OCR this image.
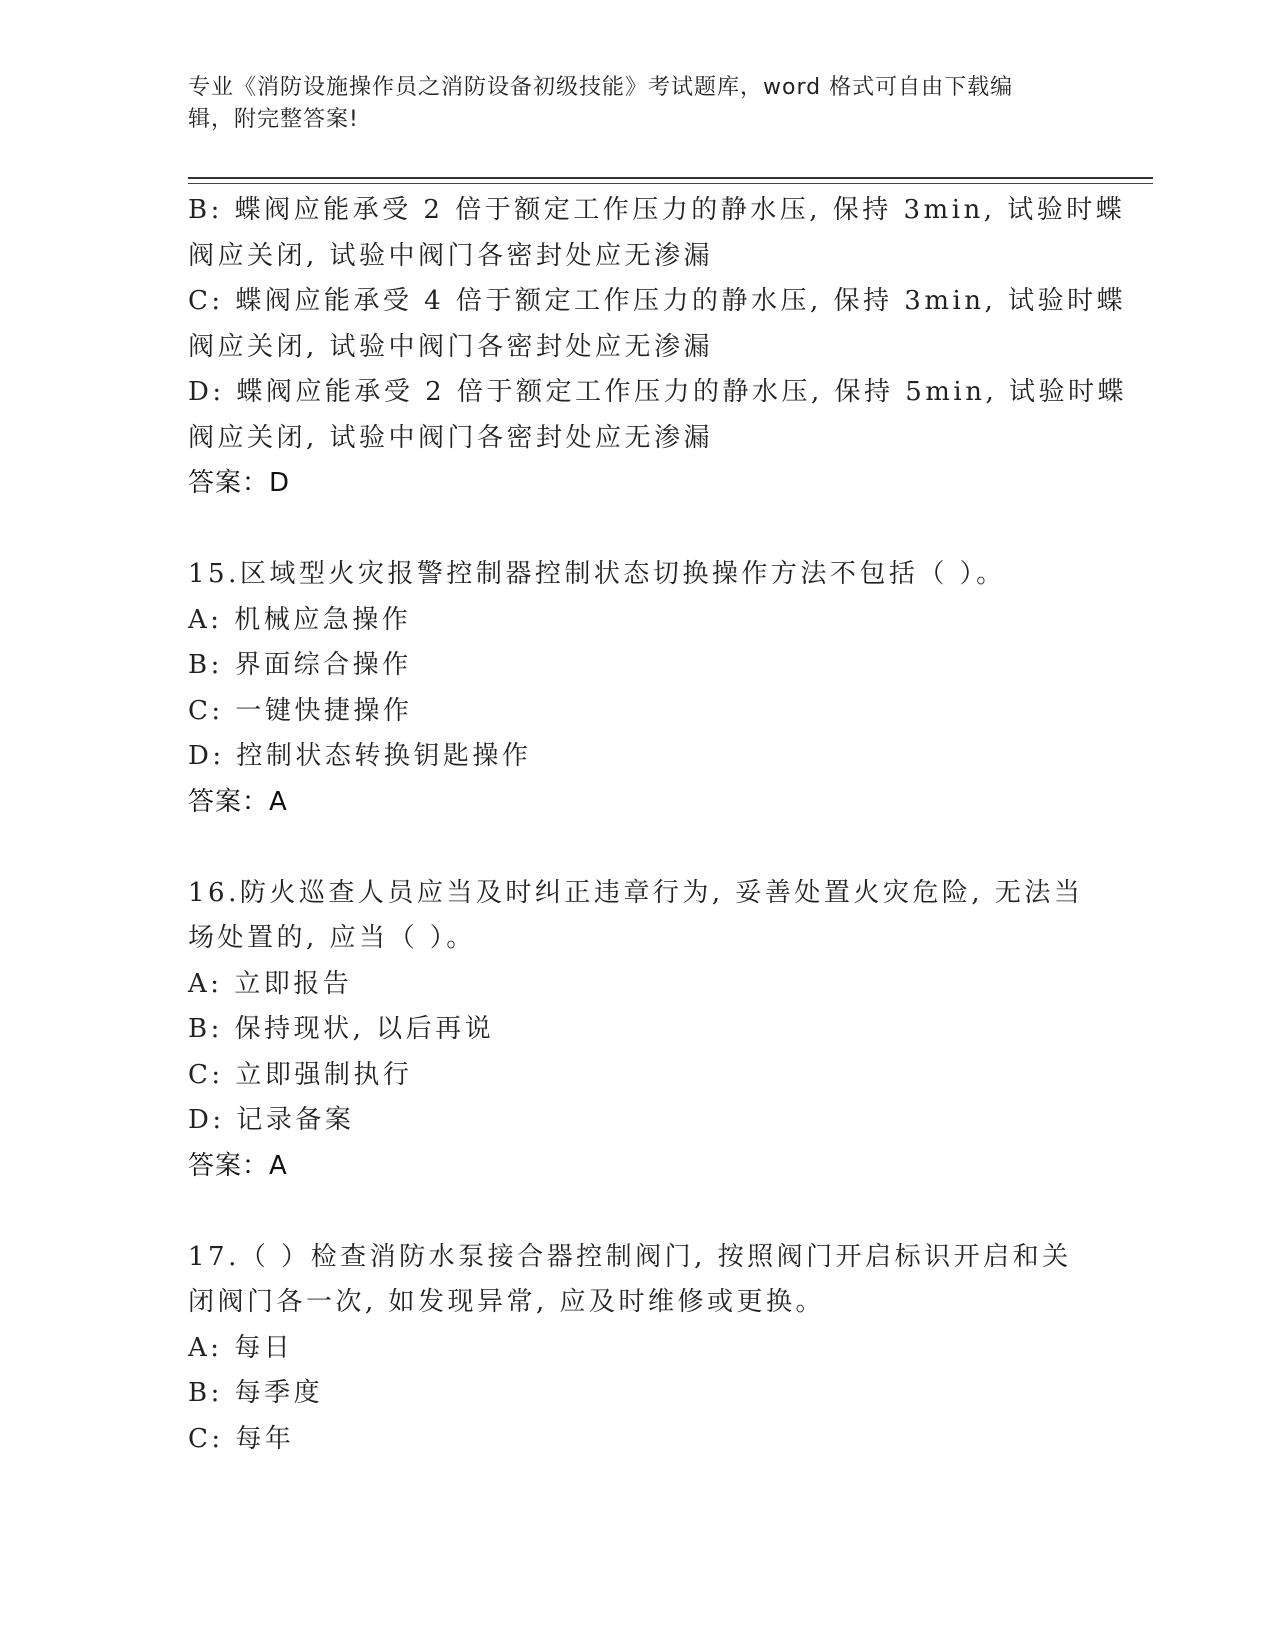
专业《消防设施操作员之消防设备初级技能》考试题库，word 格式可自由下载编
辑，附完整答案!
B: 蝶阀应能承受 2 倍于额定工作压力的静水压, 保持 3min, 试验时蝶
阀应关闭, 试验中阀门各密封处应无渗漏
C: 蝶阀应能承受 4 倍于额定工作压力的静水压, 保持 3min, 试验时蝶
阀应关闭, 试验中阀门各密封处应无渗漏
D: 蝶阀应能承受 2 倍于额定工作压力的静水压, 保持 5min, 试验时蝶
阀应关闭, 试验中阀门各密封处应无渗漏
答案：D
15.区域型火灾报警控制器控制状态切换操作方法不包括（ ）。
A: 机械应急操作
B: 界面综合操作
C: 一键快捷操作
D: 控制状态转换钥匙操作
答案：A
16.防火巡查人员应当及时纠正违章行为, 妥善处置火灾危险, 无法当
场处置的, 应当（ ）。
A: 立即报告
B: 保持现状, 以后再说
C: 立即强制执行
D: 记录备案
答案：A
17.（ ）检查消防水泵接合器控制阀门, 按照阀门开启标识开启和关
闭阀门各一次, 如发现异常, 应及时维修或更换。
A: 每日
B: 每季度
C: 每年
